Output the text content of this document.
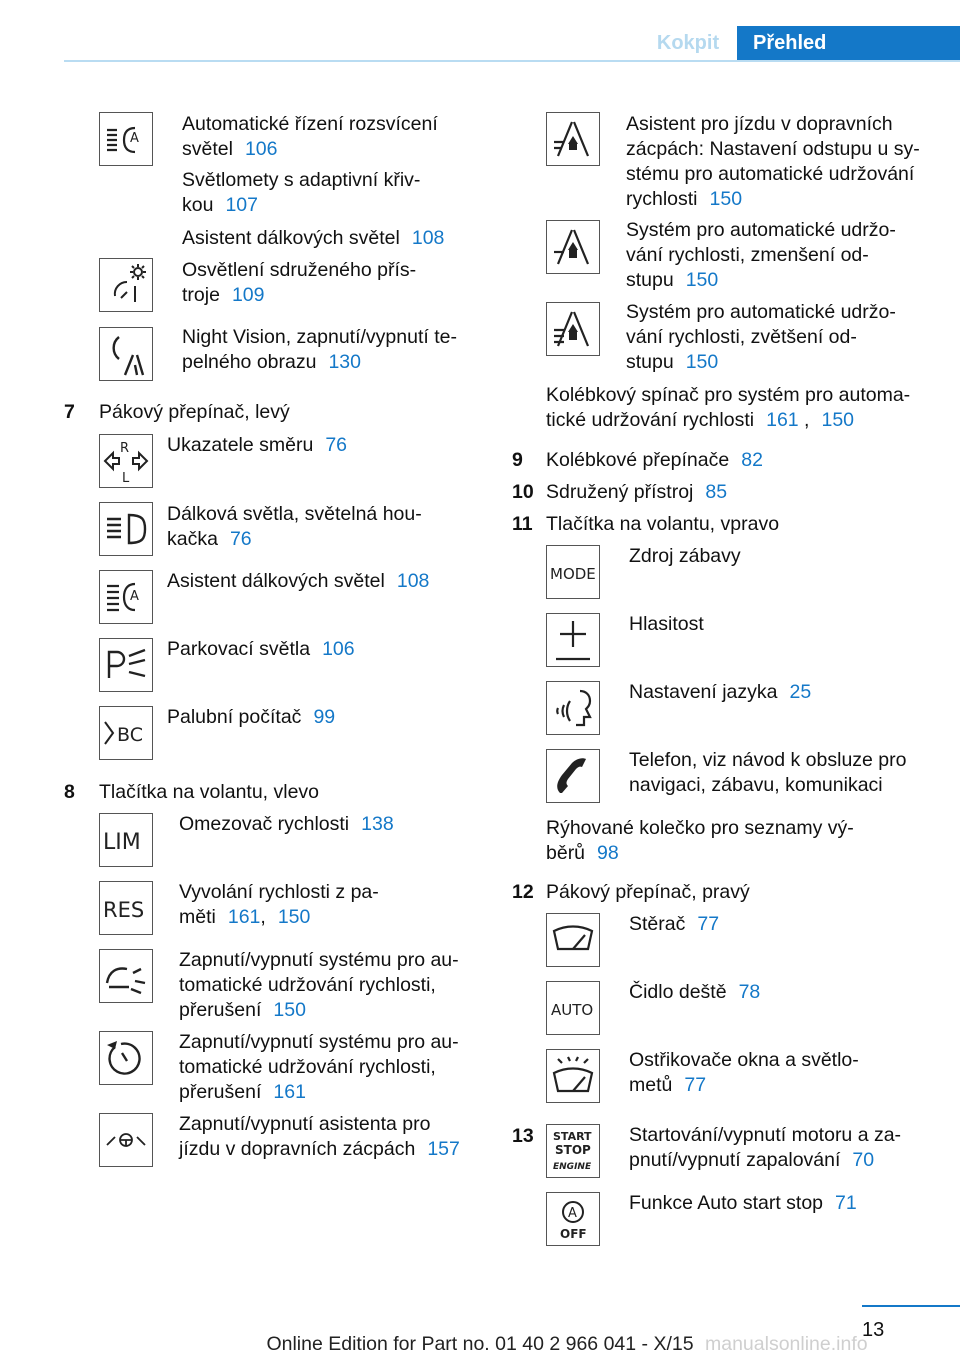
Kokpit	Přehled
A
Automatické řízení rozsvícení
světel 106
Světlomety s adaptivní křiv-
kou 107
Asistent dálkových světel 108
Osvětlení sdruženého přís-
troje 109
Night Vision, zapnutí/vypnutí te-
pelného obrazu 130
7 Pákový přepínač, levý
R
L
Ukazatele směru 76
Dálková světla, světelná hou-
kačka 76
A
Asistent dálkových světel 108
Parkovací světla 106
BC
Palubní počítač 99
8 Tlačítka na volantu, vlevo
LIM
Omezovač rychlosti 138
RES
Vyvolání rychlosti z pa-
měti 161, 150
Zapnutí/vypnutí systému pro au-
tomatické udržování rychlosti,
přerušení 150
Zapnutí/vypnutí systému pro au-
tomatické udržování rychlosti,
přerušení 161
Zapnutí/vypnutí asistenta pro
jízdu v dopravních zácpách 157
Asistent pro jízdu v dopravních
zácpách: Nastavení odstupu u sy-
stému pro automatické udržování
rychlosti 150
Systém pro automatické udržo-
vání rychlosti, zmenšení od-
stupu 150
Systém pro automatické udržo-
vání rychlosti, zvětšení od-
stupu 150
Kolébkový spínač pro systém pro automa-
tické udržování rychlosti 161 , 150
9 Kolébkové přepínače 82
10 Sdružený přístroj 85
11 Tlačítka na volantu, vpravo
MODE
Zdroj zábavy
Hlasitost
Nastavení jazyka 25
Telefon, viz návod k obsluze pro
navigaci, zábavu, komunikaci
Rýhované kolečko pro seznamy vý-
běrů 98
12 Pákový přepínač, pravý
Stěrač 77
AUTO
Čidlo deště 78
Ostřikovače okna a světlo-
metů 77
13 START
STOP
ENGINE
Startování/vypnutí motoru a za-
pnutí/vypnutí zapalování 70
A
OFF
Funkce Auto start stop 71
13
Online Edition for Part no. 01 40 2 966 041 - X/15 manualsonline.info
